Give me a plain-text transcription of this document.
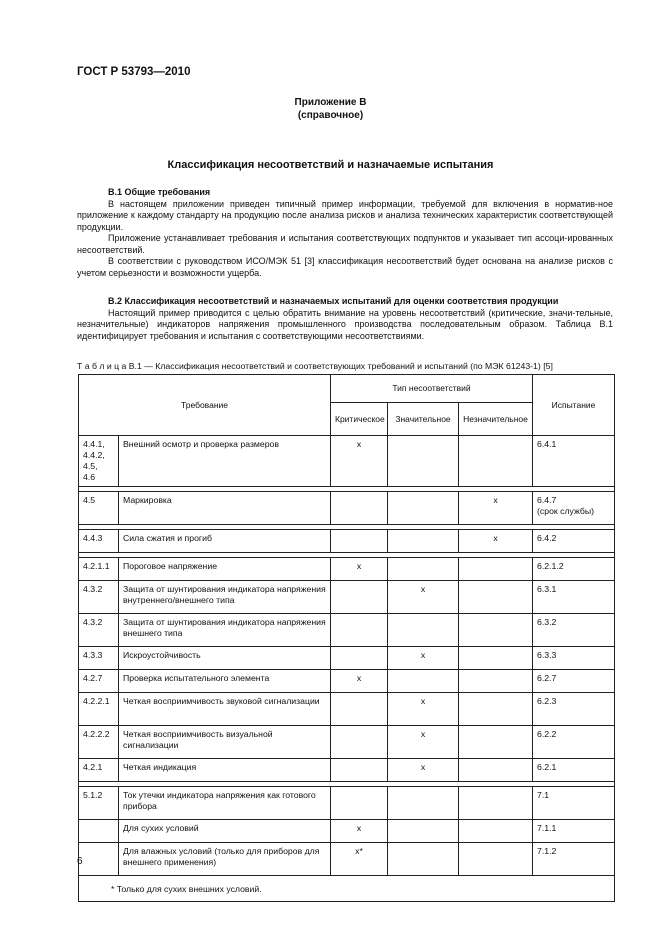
ГОСТ Р 53793—2010
Приложение В
(справочное)
Классификация несоответствий и назначаемые испытания

В.1 Общие требования

В настоящем приложении приведен типичный пример информации, требуемой для включения в норматив-ное приложение к каждому стандарту на продукцию после анализа рисков и анализа технических характеристик соответствующей продукции.

Приложение устанавливает требования и испытания соответствующих подпунктов и указывает тип ассоци-ированных несоответствий.

В соответствии с руководством ИСО/МЭК 51 [3] классификация несоответствий будет основана на анализе рисков с учетом серьезности и возможности ущерба.

В.2 Классификация несоответствий и назначаемых испытаний для оценки соответствия продукции

Настоящий пример приводится с целью обратить внимание на уровень несоответствий (критические, значи-тельные, незначительные) индикаторов напряжения промышленного производства последовательным образом. Таблица В.1 идентифицирует требования и испытания с соответствующими несоответствиями.

Т а б л и ц а В.1 — Классификация несоответствий и соответствующих требований и испытаний (по МЭК 61243-1) [5]
Требование		Тип несоответствий			Испытание
		Критическое	Значительное	Незначительное	
4.4.1,
4.4.2,
4.5,
4.6	Внешний осмотр и проверка размеров	x			6.4.1

4.5	Маркировка			x	6.4.7
(срок службы)

4.4.3	Сила сжатия и прогиб			x	6.4.2

4.2.1.1	Пороговое напряжение	x			6.2.1.2
4.3.2	Защита от шунтирования индикатора напряжения внутреннего/внешнего типа		x		6.3.1
4.3.2	Защита от шунтирования индикатора напряжения внешнего типа				6.3.2
4.3.3	Искроустойчивость		x		6.3.3
4.2.7	Проверка испытательного элемента	x			6.2.7
4.2.2.1	Четкая восприимчивость звуковой сигнализации		x		6.2.3
4.2.2.2	Четкая восприимчивость визуальной сигнализации		x		6.2.2
4.2.1	Четкая индикация		x		6.2.1

5.1.2	Ток утечки индикатора напряжения как готового прибора				7.1
	Для сухих условий	x			7.1.1
	Для влажных условий (только для приборов для внешнего применения)	x*			7.1.2
* Только для сухих внешних условий.					
6
